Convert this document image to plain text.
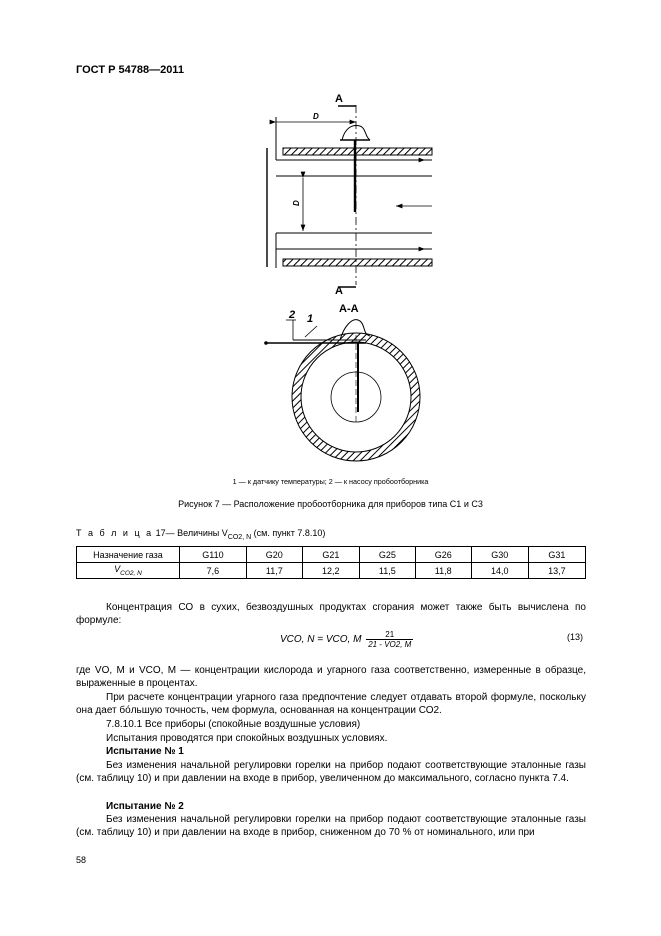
ГОСТ Р 54788—2011
D
D
A
A
A-A
2 1
1 — к датчику температуры; 2 — к насосу пробоотборника
Рисунок 7 — Расположение пробоотборника для приборов типа С1 и С3
Т а б л и ц а 17— Величины $V_{CO2, N}$ (см. пункт 7.8.10)
Назначение газа	G110	G20	G21	G25	G26	G30	G31
$V_{CO2, N}$	7,6	11,7	12,2	11,5	11,8	14,0	13,7
Концентрация СО в сухих, безвоздушных продуктах сгорания может также быть вычислена по формуле:
VCO, N = VCO, M $\frac{21}{21 - VO2, M}$	(13)
где VO, M и VCO, M — концентрации кислорода и угарного газа соответственно, измеренные в образце, выраженные в процентах.
При расчете концентрации угарного газа предпочтение следует отдавать второй формуле, поскольку она дает бо́льшую точность, чем формула, основанная на концентрации СО2.
7.8.10.1 Все приборы (спокойные воздушные условия)
Испытания проводятся при спокойных воздушных условиях.
Испытание № 1
Без изменения начальной регулировки горелки на прибор подают соответствующие эталонные газы (см. таблицу 10) и при давлении на входе в прибор, увеличенном до максимального, согласно пункта 7.4.
Испытание № 2
Без изменения начальной регулировки горелки на прибор подают соответствующие эталонные газы (см. таблицу 10) и при давлении на входе в прибор, сниженном до 70 % от номинального, или при
58
